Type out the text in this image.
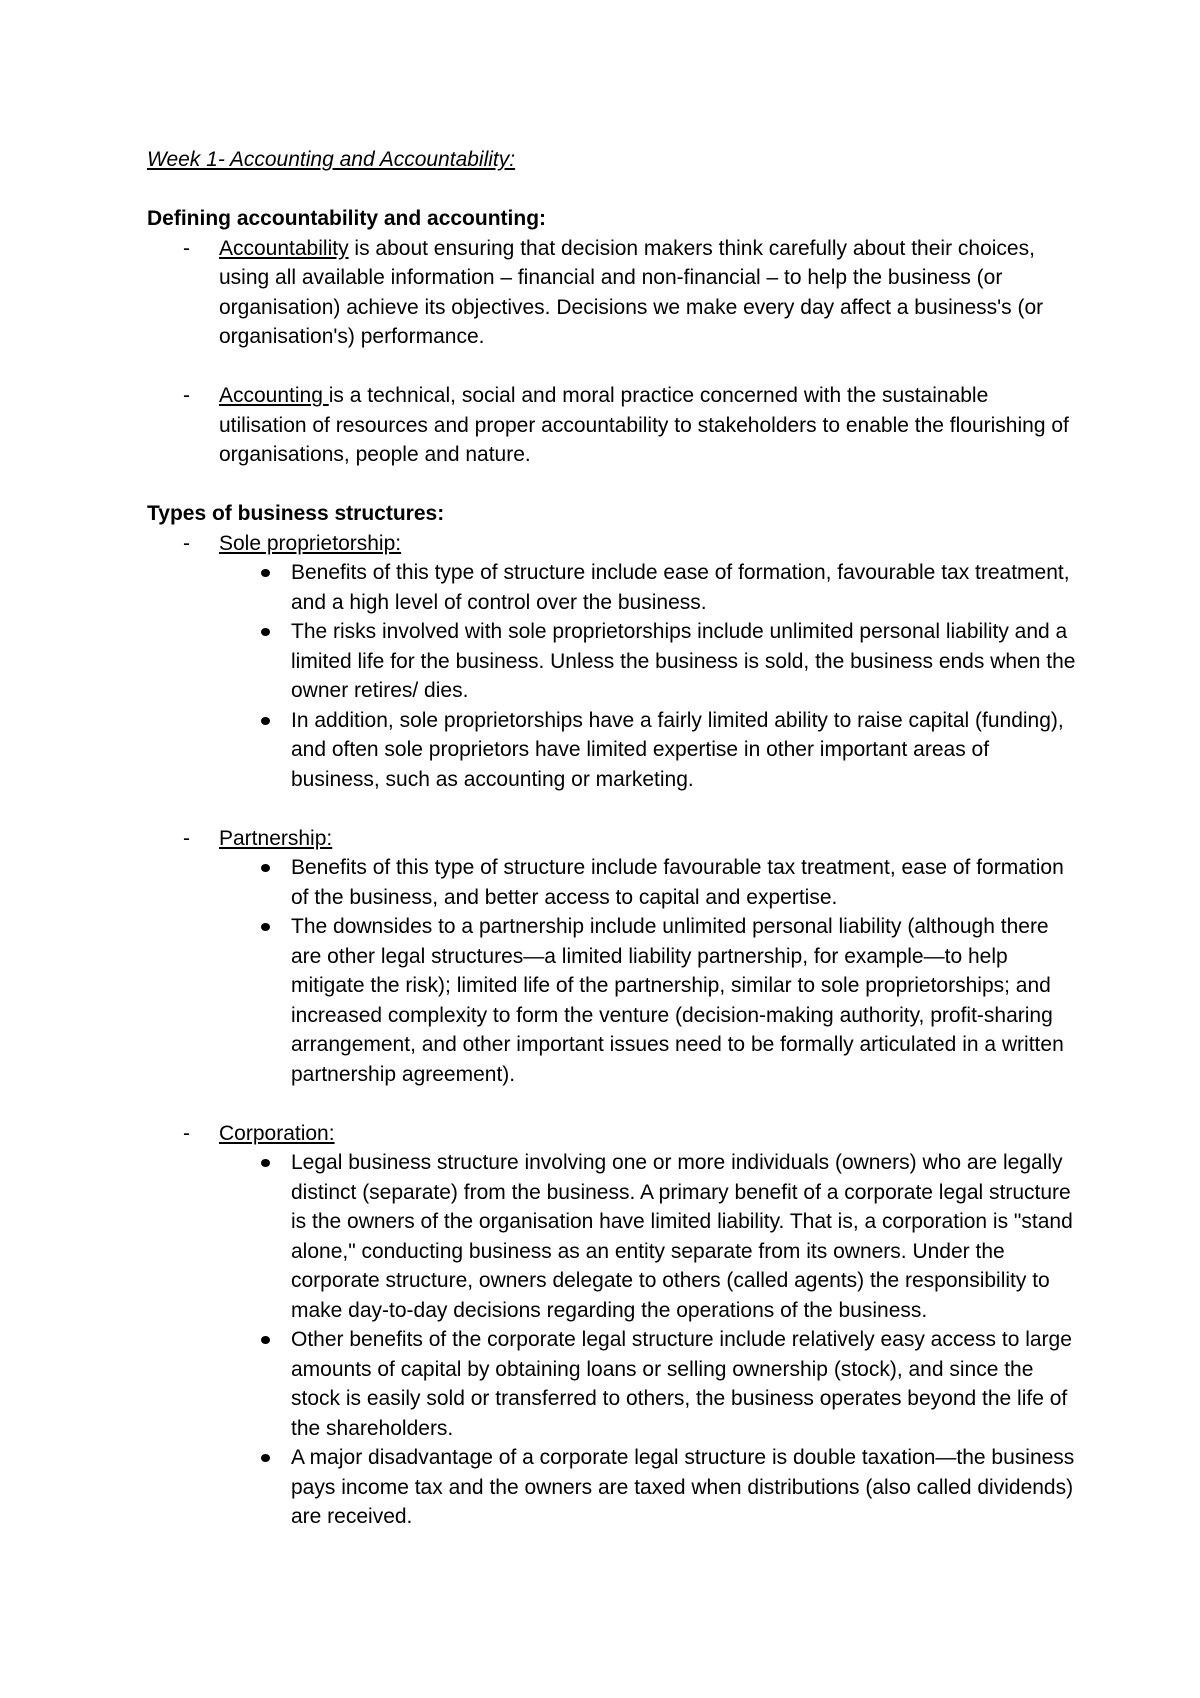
Week 1- Accounting and Accountability:
Defining accountability and accounting:
- Accountability is about ensuring that decision makers think carefully about their choices, using all available information – financial and non-financial – to help the business (or organisation) achieve its objectives. Decisions we make every day affect a business's (or organisation's) performance.
- Accounting is a technical, social and moral practice concerned with the sustainable utilisation of resources and proper accountability to stakeholders to enable the flourishing of organisations, people and nature.
Types of business structures:
- Sole proprietorship:
Benefits of this type of structure include ease of formation, favourable tax treatment, and a high level of control over the business.
The risks involved with sole proprietorships include unlimited personal liability and a limited life for the business. Unless the business is sold, the business ends when the owner retires/ dies.
In addition, sole proprietorships have a fairly limited ability to raise capital (funding), and often sole proprietors have limited expertise in other important areas of business, such as accounting or marketing.
- Partnership:
Benefits of this type of structure include favourable tax treatment, ease of formation of the business, and better access to capital and expertise.
The downsides to a partnership include unlimited personal liability (although there are other legal structures—a limited liability partnership, for example—to help mitigate the risk); limited life of the partnership, similar to sole proprietorships; and increased complexity to form the venture (decision-making authority, profit-sharing arrangement, and other important issues need to be formally articulated in a written partnership agreement).
- Corporation:
Legal business structure involving one or more individuals (owners) who are legally distinct (separate) from the business. A primary benefit of a corporate legal structure is the owners of the organisation have limited liability. That is, a corporation is "stand alone," conducting business as an entity separate from its owners. Under the corporate structure, owners delegate to others (called agents) the responsibility to make day-to-day decisions regarding the operations of the business.
Other benefits of the corporate legal structure include relatively easy access to large amounts of capital by obtaining loans or selling ownership (stock), and since the stock is easily sold or transferred to others, the business operates beyond the life of the shareholders.
A major disadvantage of a corporate legal structure is double taxation—the business pays income tax and the owners are taxed when distributions (also called dividends) are received.
